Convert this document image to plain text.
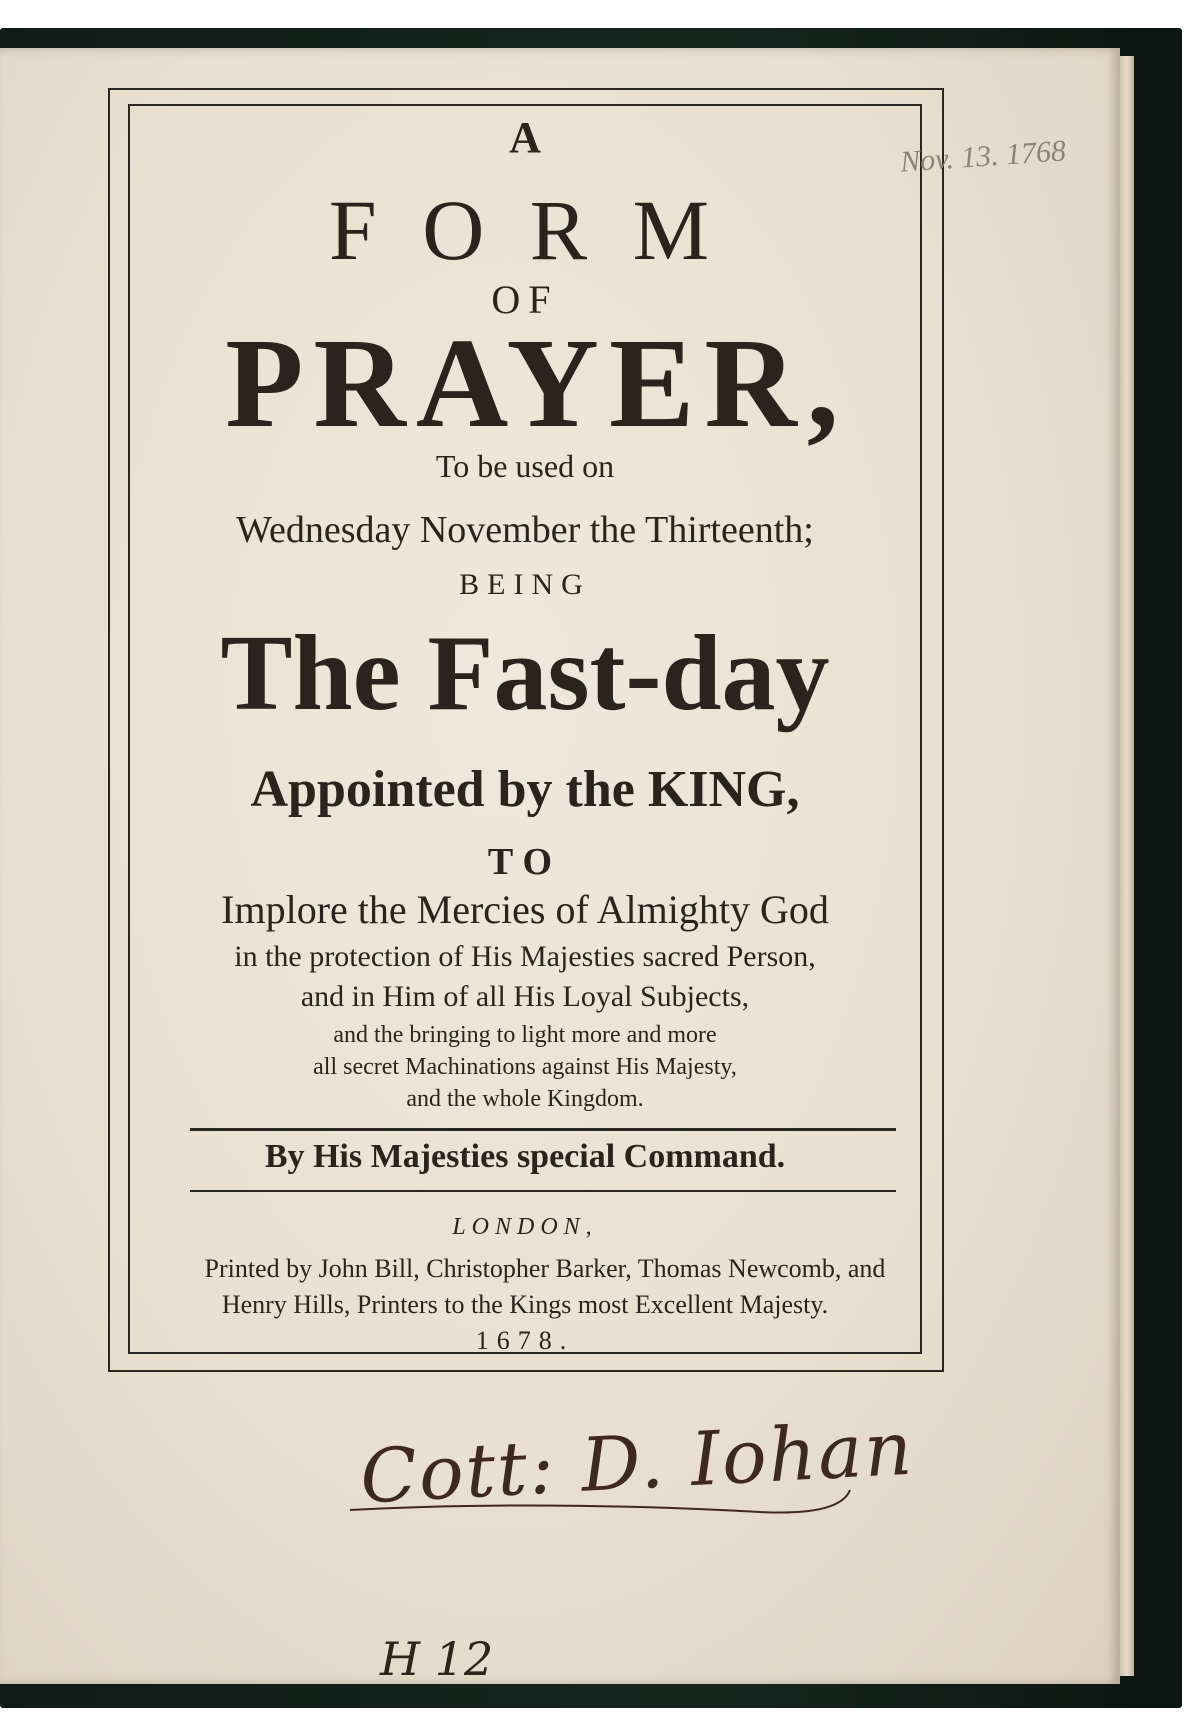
Nov. 13. 1768
A
F O R M
OF
PRAYER,
To be used on
Wednesday November the Thirteenth;
BEING
The Fast-day
Appointed by the KING,
TO
Implore the Mercies of Almighty God
in the protection of His Majesties sacred Person,
and in Him of all His Loyal Subjects,
and the bringing to light more and more
all secret Machinations against His Majesty,
and the whole Kingdom.
By His Majesties special Command.
LONDON,
Printed by John Bill, Christopher Barker, Thomas Newcomb, and
Henry Hills, Printers to the Kings most Excellent Majesty.
1678.
Cott: D. Iohan
H 12
